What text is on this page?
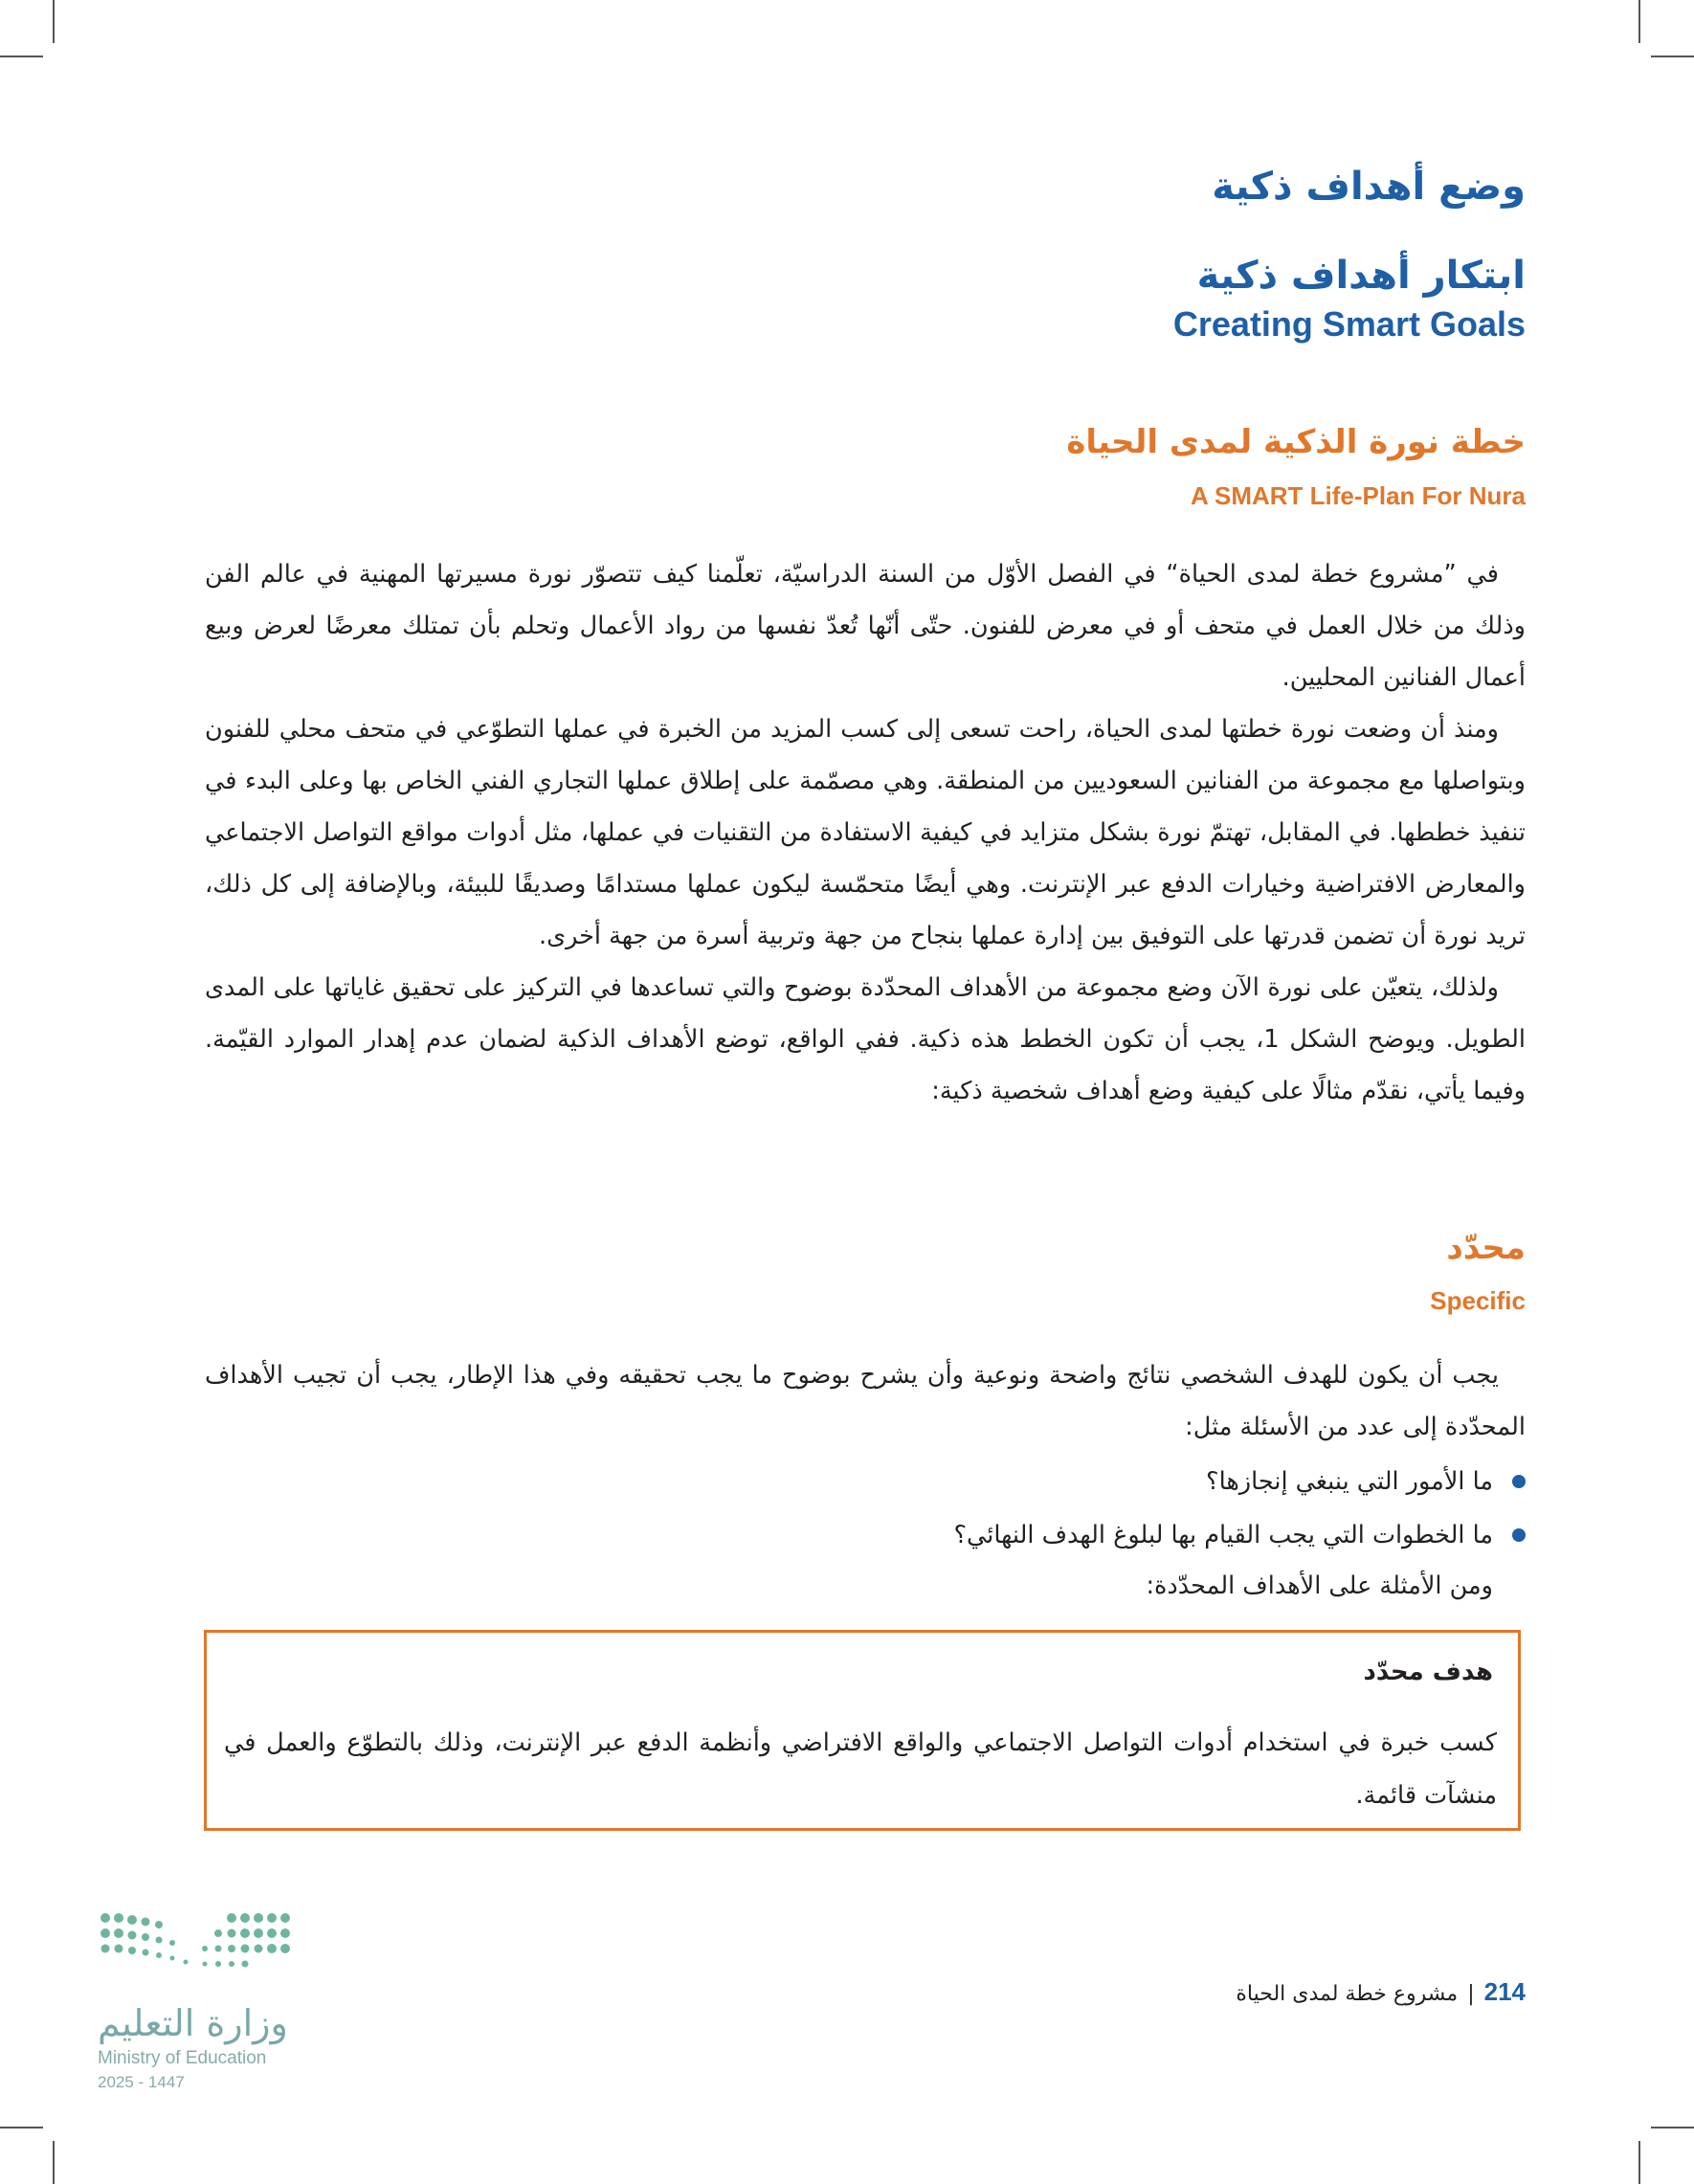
وضع أهداف ذكية
ابتكار أهداف ذكية
Creating Smart Goals
خطة نورة الذكية لمدى الحياة
A SMART Life-Plan For Nura

في ”مشروع خطة لمدى الحياة“ في الفصل الأوّل من السنة الدراسيّة، تعلّمنا كيف تتصوّر نورة مسيرتها المهنية في عالم الفن وذلك من خلال العمل في متحف أو في معرض للفنون. حتّى أنّها تُعدّ نفسها من رواد الأعمال وتحلم بأن تمتلك معرضًا لعرض وبيع أعمال الفنانين المحليين.

ومنذ أن وضعت نورة خطتها لمدى الحياة، راحت تسعى إلى كسب المزيد من الخبرة في عملها التطوّعي في متحف محلي للفنون وبتواصلها مع مجموعة من الفنانين السعوديين من المنطقة. وهي مصمّمة على إطلاق عملها التجاري الفني الخاص بها وعلى البدء في تنفيذ خططها. في المقابل، تهتمّ نورة بشكل متزايد في كيفية الاستفادة من التقنيات في عملها، مثل أدوات مواقع التواصل الاجتماعي والمعارض الافتراضية وخيارات الدفع عبر الإنترنت. وهي أيضًا متحمّسة ليكون عملها مستدامًا وصديقًا للبيئة، وبالإضافة إلى كل ذلك، تريد نورة أن تضمن قدرتها على التوفيق بين إدارة عملها بنجاح من جهة وتربية أسرة من جهة أخرى.

ولذلك، يتعيّن على نورة الآن وضع مجموعة من الأهداف المحدّدة بوضوح والتي تساعدها في التركيز على تحقيق غاياتها على المدى الطويل. ويوضح الشكل 1، يجب أن تكون الخطط هذه ذكية. ففي الواقع، توضع الأهداف الذكية لضمان عدم إهدار الموارد القيّمة. وفيما يأتي، نقدّم مثالًا على كيفية وضع أهداف شخصية ذكية:

محدّد
Specific

يجب أن يكون للهدف الشخصي نتائج واضحة ونوعية وأن يشرح بوضوح ما يجب تحقيقه وفي هذا الإطار، يجب أن تجيب الأهداف المحدّدة إلى عدد من الأسئلة مثل:

ما الأمور التي ينبغي إنجازها؟
ما الخطوات التي يجب القيام بها لبلوغ الهدف النهائي؟
ومن الأمثلة على الأهداف المحدّدة:
هدف محدّد
كسب خبرة في استخدام أدوات التواصل الاجتماعي والواقع الافتراضي وأنظمة الدفع عبر الإنترنت، وذلك بالتطوّع والعمل في منشآت قائمة.
214|مشروع خطة لمدى الحياة
وزارة التعليم
Ministry of Education
2025 - 1447
